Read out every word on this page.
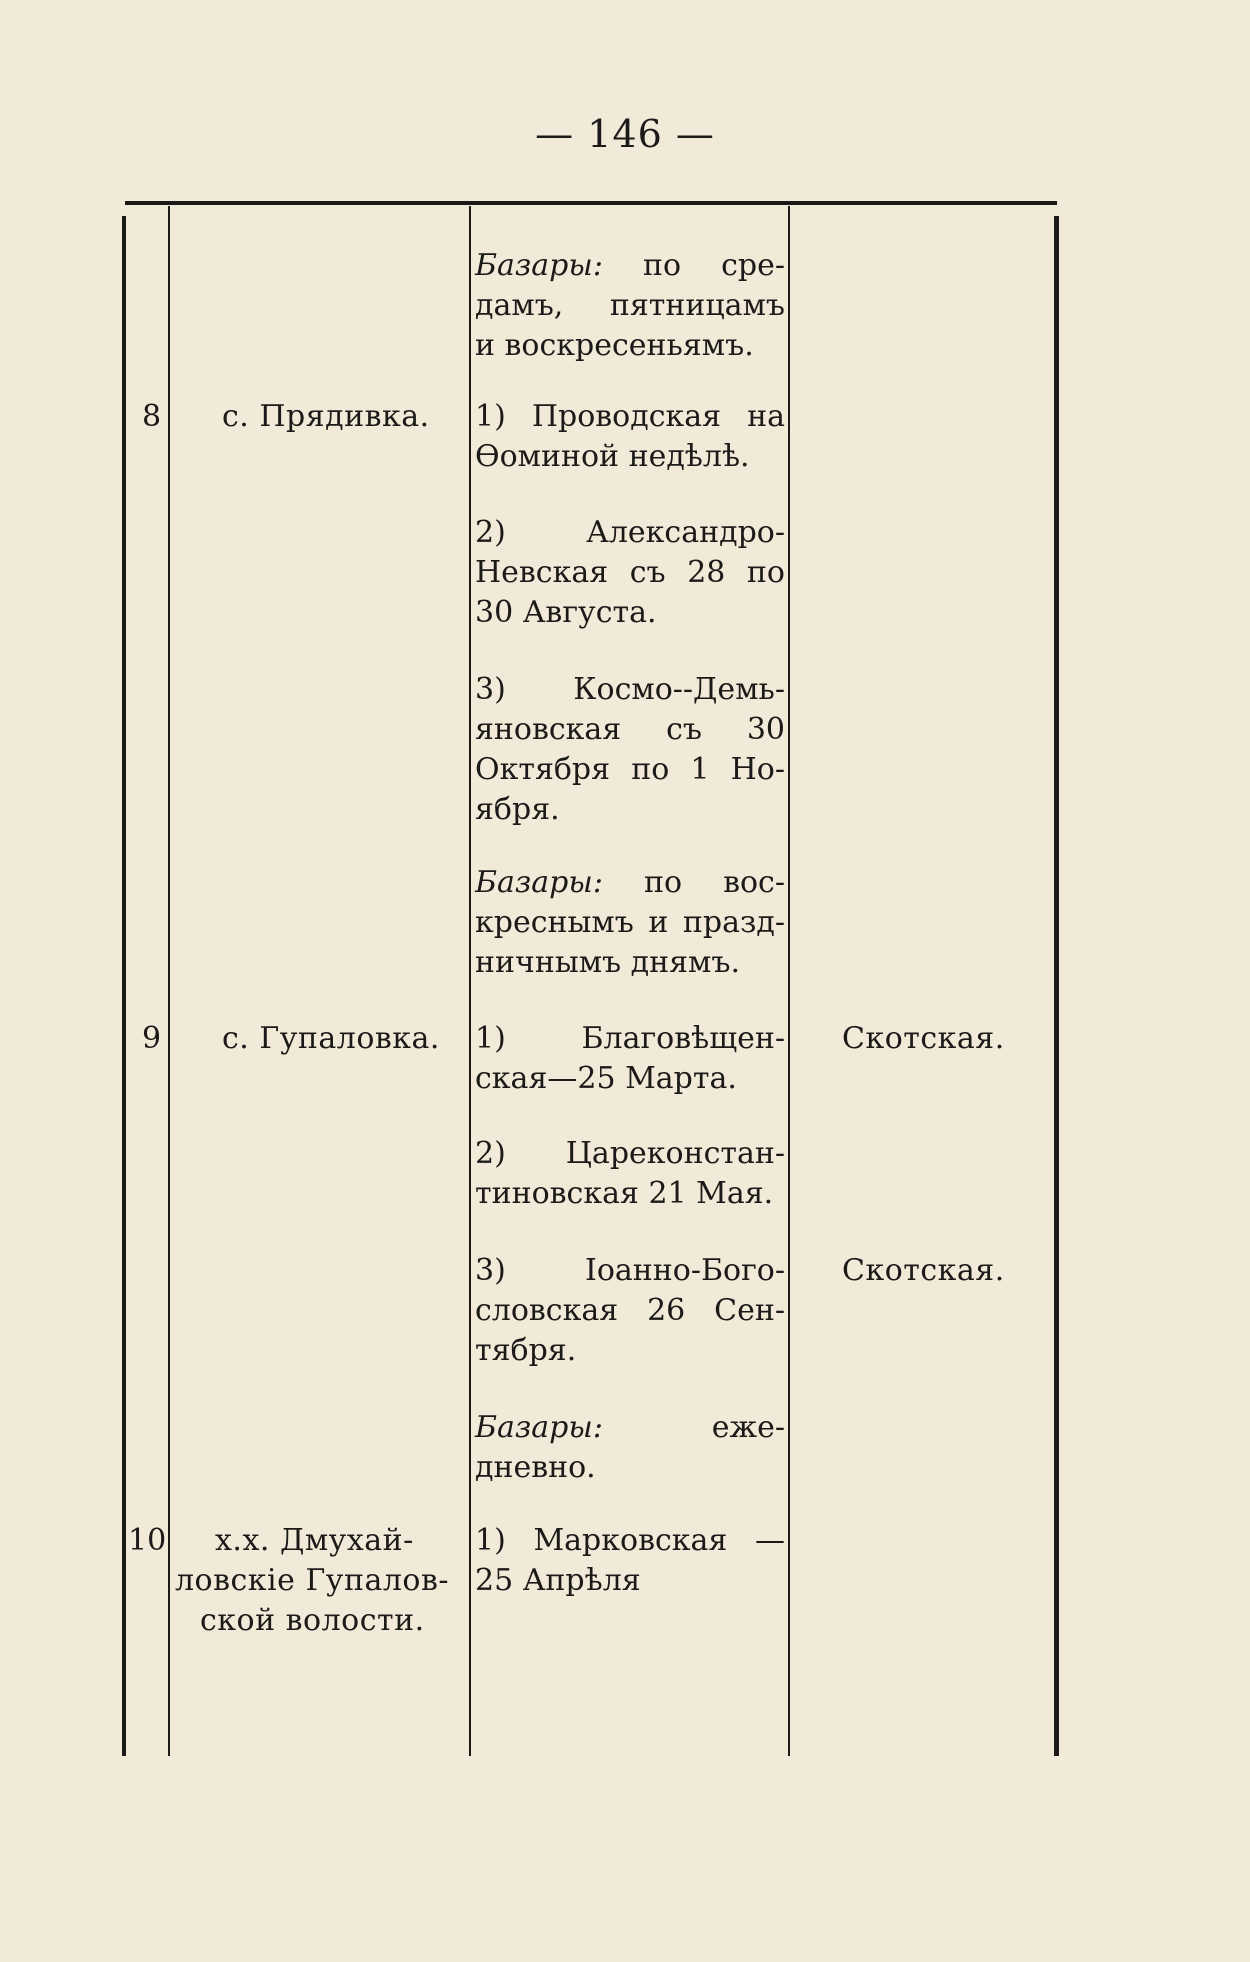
— 146 —
Базары: по сре-
дамъ, пятницамъ
и воскресеньямъ.
8 с. Прядивка. 1) Проводская на
Ѳоминой недѣлѣ.
2) Александро-
Невская съ 28 по
30 Августа.
3) Космо--Демь-
яновская съ 30
Октября по 1 Но-
ября.
Базары: по вос-
креснымъ и празд-
ничнымъ днямъ.
9 с. Гупаловка.	Скотская.
1) Благовѣщен-
ская—25 Марта.
2) Цареконстан-
тиновская 21 Мая.
3) Іоанно-Бого-
словская 26 Сен-
тября.
Скотская.
Базары: еже-
дневно.
10 х.х. Дмухай-
ловскіе Гупалов-
ской волости.
1) Марковская —
25 Апрѣля
